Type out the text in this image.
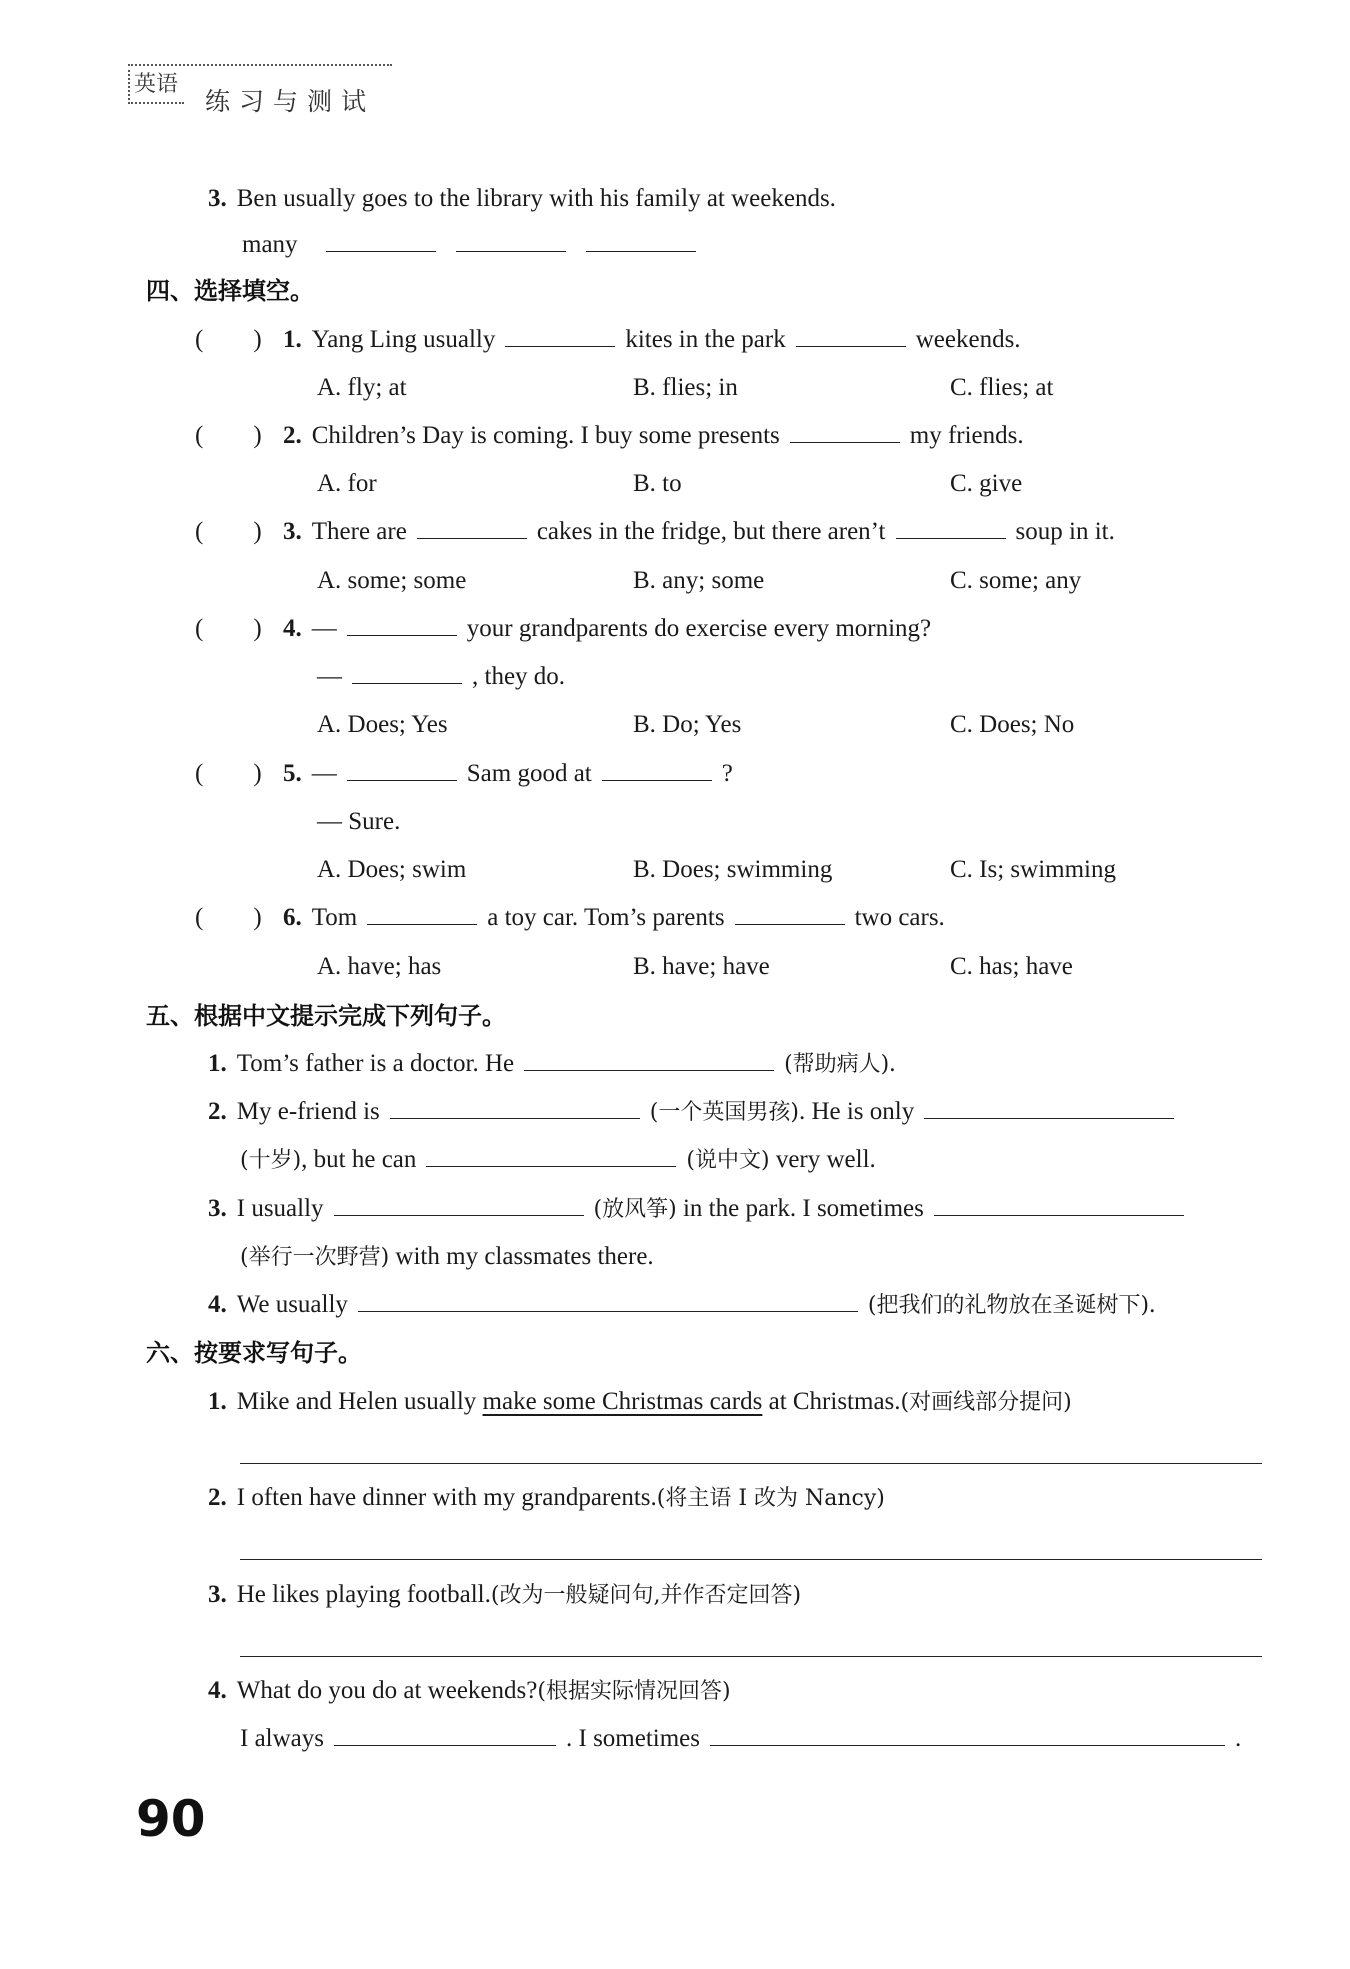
英语
练习与测试
3. Ben usually goes to the library with his family at weekends.
many
四、选择填空。
(　　) 1. Yang Ling usually	kites in the park	weekends.
A. fly; at	B. flies; in	C. flies; at
(　　) 2. Children’s Day is coming. I buy some presents	my friends.
A. for	B. to	C. give
(　　) 3. There are	cakes in the fridge, but there aren’t	soup in it.
A. some; some	B. any; some	C. some; any
(　　) 4. —	your grandparents do exercise every morning?
—	, they do.
A. Does; Yes	B. Do; Yes	C. Does; No
(　　) 5. —	Sam good at	?
— Sure.
A. Does; swim	B. Does; swimming	C. Is; swimming
(　　) 6. Tom	a toy car. Tom’s parents	two cars.
A. have; has	B. have; have	C. has; have
五、根据中文提示完成下列句子。
1. Tom’s father is a doctor. He	(帮助病人).
2. My e-friend is	(一个英国男孩). He is only
(十岁), but he can	(说中文) very well.
3. I usually	(放风筝) in the park. I sometimes
(举行一次野营) with my classmates there.
4. We usually	(把我们的礼物放在圣诞树下).
六、按要求写句子。
1. Mike and Helen usually make some Christmas cards at Christmas.(对画线部分提问)
2. I often have dinner with my grandparents.(将主语 I 改为 Nancy)
3. He likes playing football.(改为一般疑问句,并作否定回答)
4. What do you do at weekends?(根据实际情况回答)
I always	. I sometimes	.
90
